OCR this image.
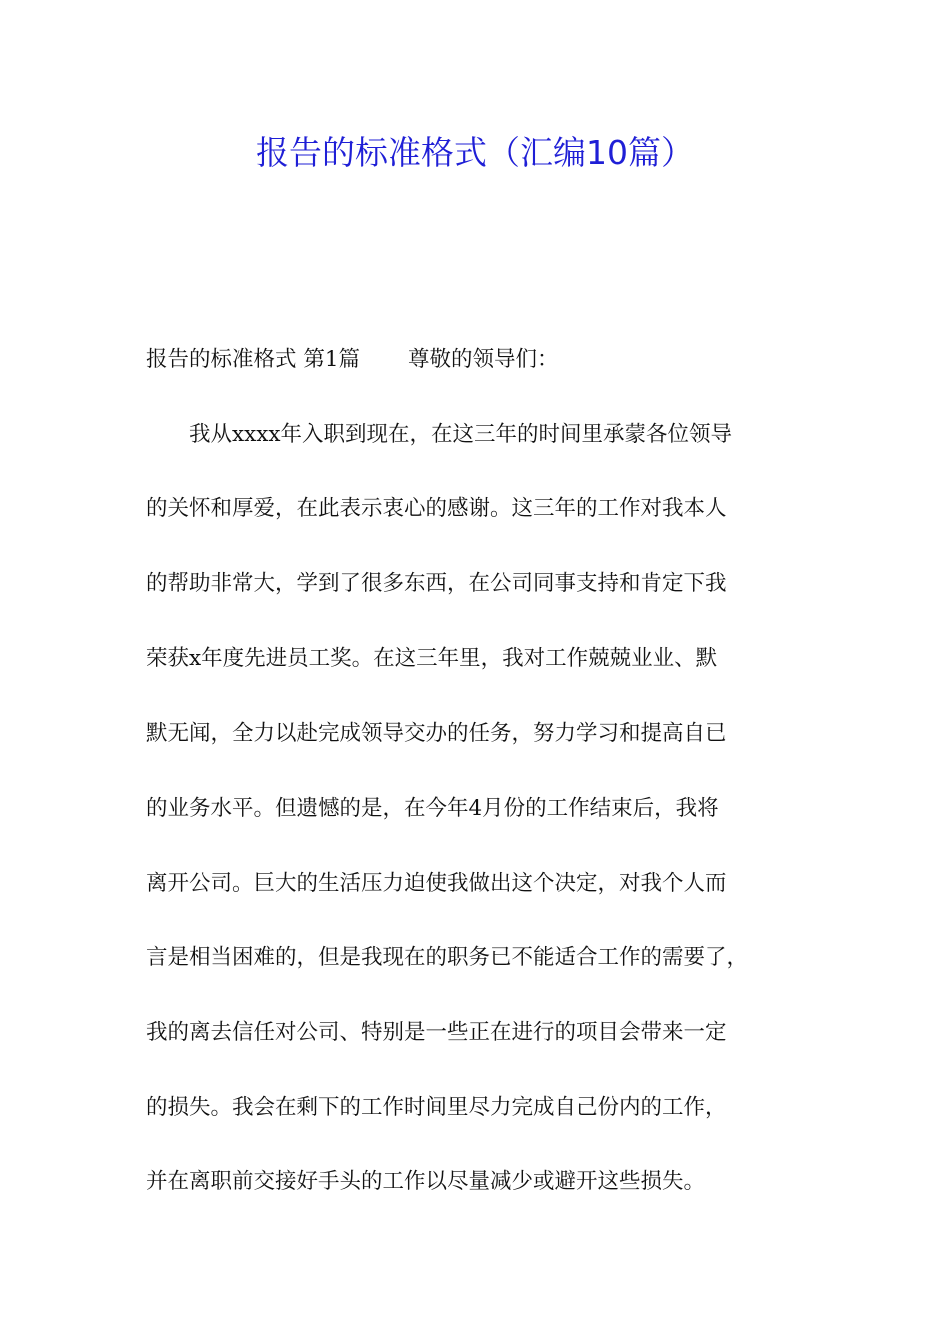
报告的标准格式（汇编10篇）
报告的标准格式 第1篇 尊敬的领导们：
　　我从xxxx年入职到现在，在这三年的时间里承蒙各位领导
的关怀和厚爱，在此表示衷心的感谢。这三年的工作对我本人
的帮助非常大，学到了很多东西，在公司同事支持和肯定下我
荣获x年度先进员工奖。在这三年里，我对工作兢兢业业、默
默无闻，全力以赴完成领导交办的任务，努力学习和提高自已
的业务水平。但遗憾的是，在今年4月份的工作结束后，我将
离开公司。巨大的生活压力迫使我做出这个决定，对我个人而
言是相当困难的，但是我现在的职务已不能适合工作的需要了，
我的离去信任对公司、特别是一些正在进行的项目会带来一定
的损失。我会在剩下的工作时间里尽力完成自己份内的工作，
并在离职前交接好手头的工作以尽量减少或避开这些损失。
